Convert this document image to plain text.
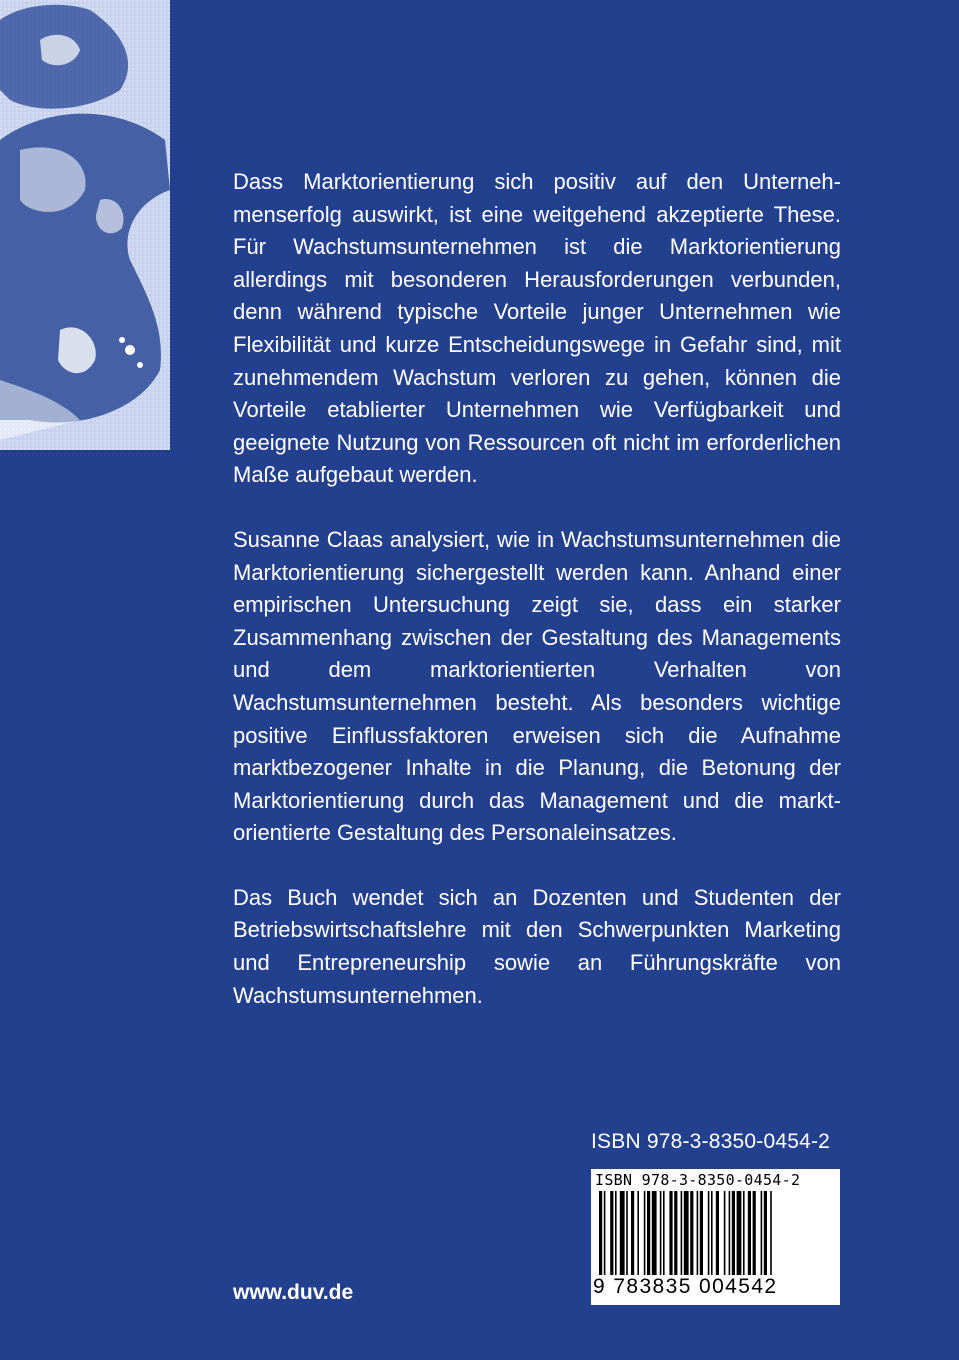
Dass Marktorientierung sich positiv auf den Unternehmenserfolg auswirkt, ist eine weitgehend akzeptierte These. Für Wachstumsunternehmen ist die Marktorientierung allerdings mit besonderen Herausforderungen verbunden, denn während typische Vorteile junger Unternehmen wie Flexibilität und kurze Entscheidungswege in Gefahr sind, mit zunehmendem Wachstum verloren zu gehen, können die Vorteile etablierter Unternehmen wie Verfügbarkeit und geeignete Nutzung von Ressourcen oft nicht im erforderlichen Maße aufgebaut werden.

Susanne Claas analysiert, wie in Wachstumsunternehmen die Marktorientierung sichergestellt werden kann. Anhand einer empirischen Untersuchung zeigt sie, dass ein starker Zusammenhang zwischen der Gestaltung des Managements und dem marktorientierten Verhalten von Wachstumsunternehmen besteht. Als besonders wichtige positive Einflussfaktoren erweisen sich die Aufnahme marktbezogener Inhalte in die Planung, die Betonung der Marktorientierung durch das Management und die marktorientierte Gestaltung des Personaleinsatzes.

Das Buch wendet sich an Dozenten und Studenten der Betriebswirtschaftslehre mit den Schwerpunkten Marketing und Entrepreneurship sowie an Führungskräfte von Wachstumsunternehmen.

ISBN 978-3-8350-0454-2
ISBN 978-3-8350-0454-2
9 783835 004542
www.duv.de
